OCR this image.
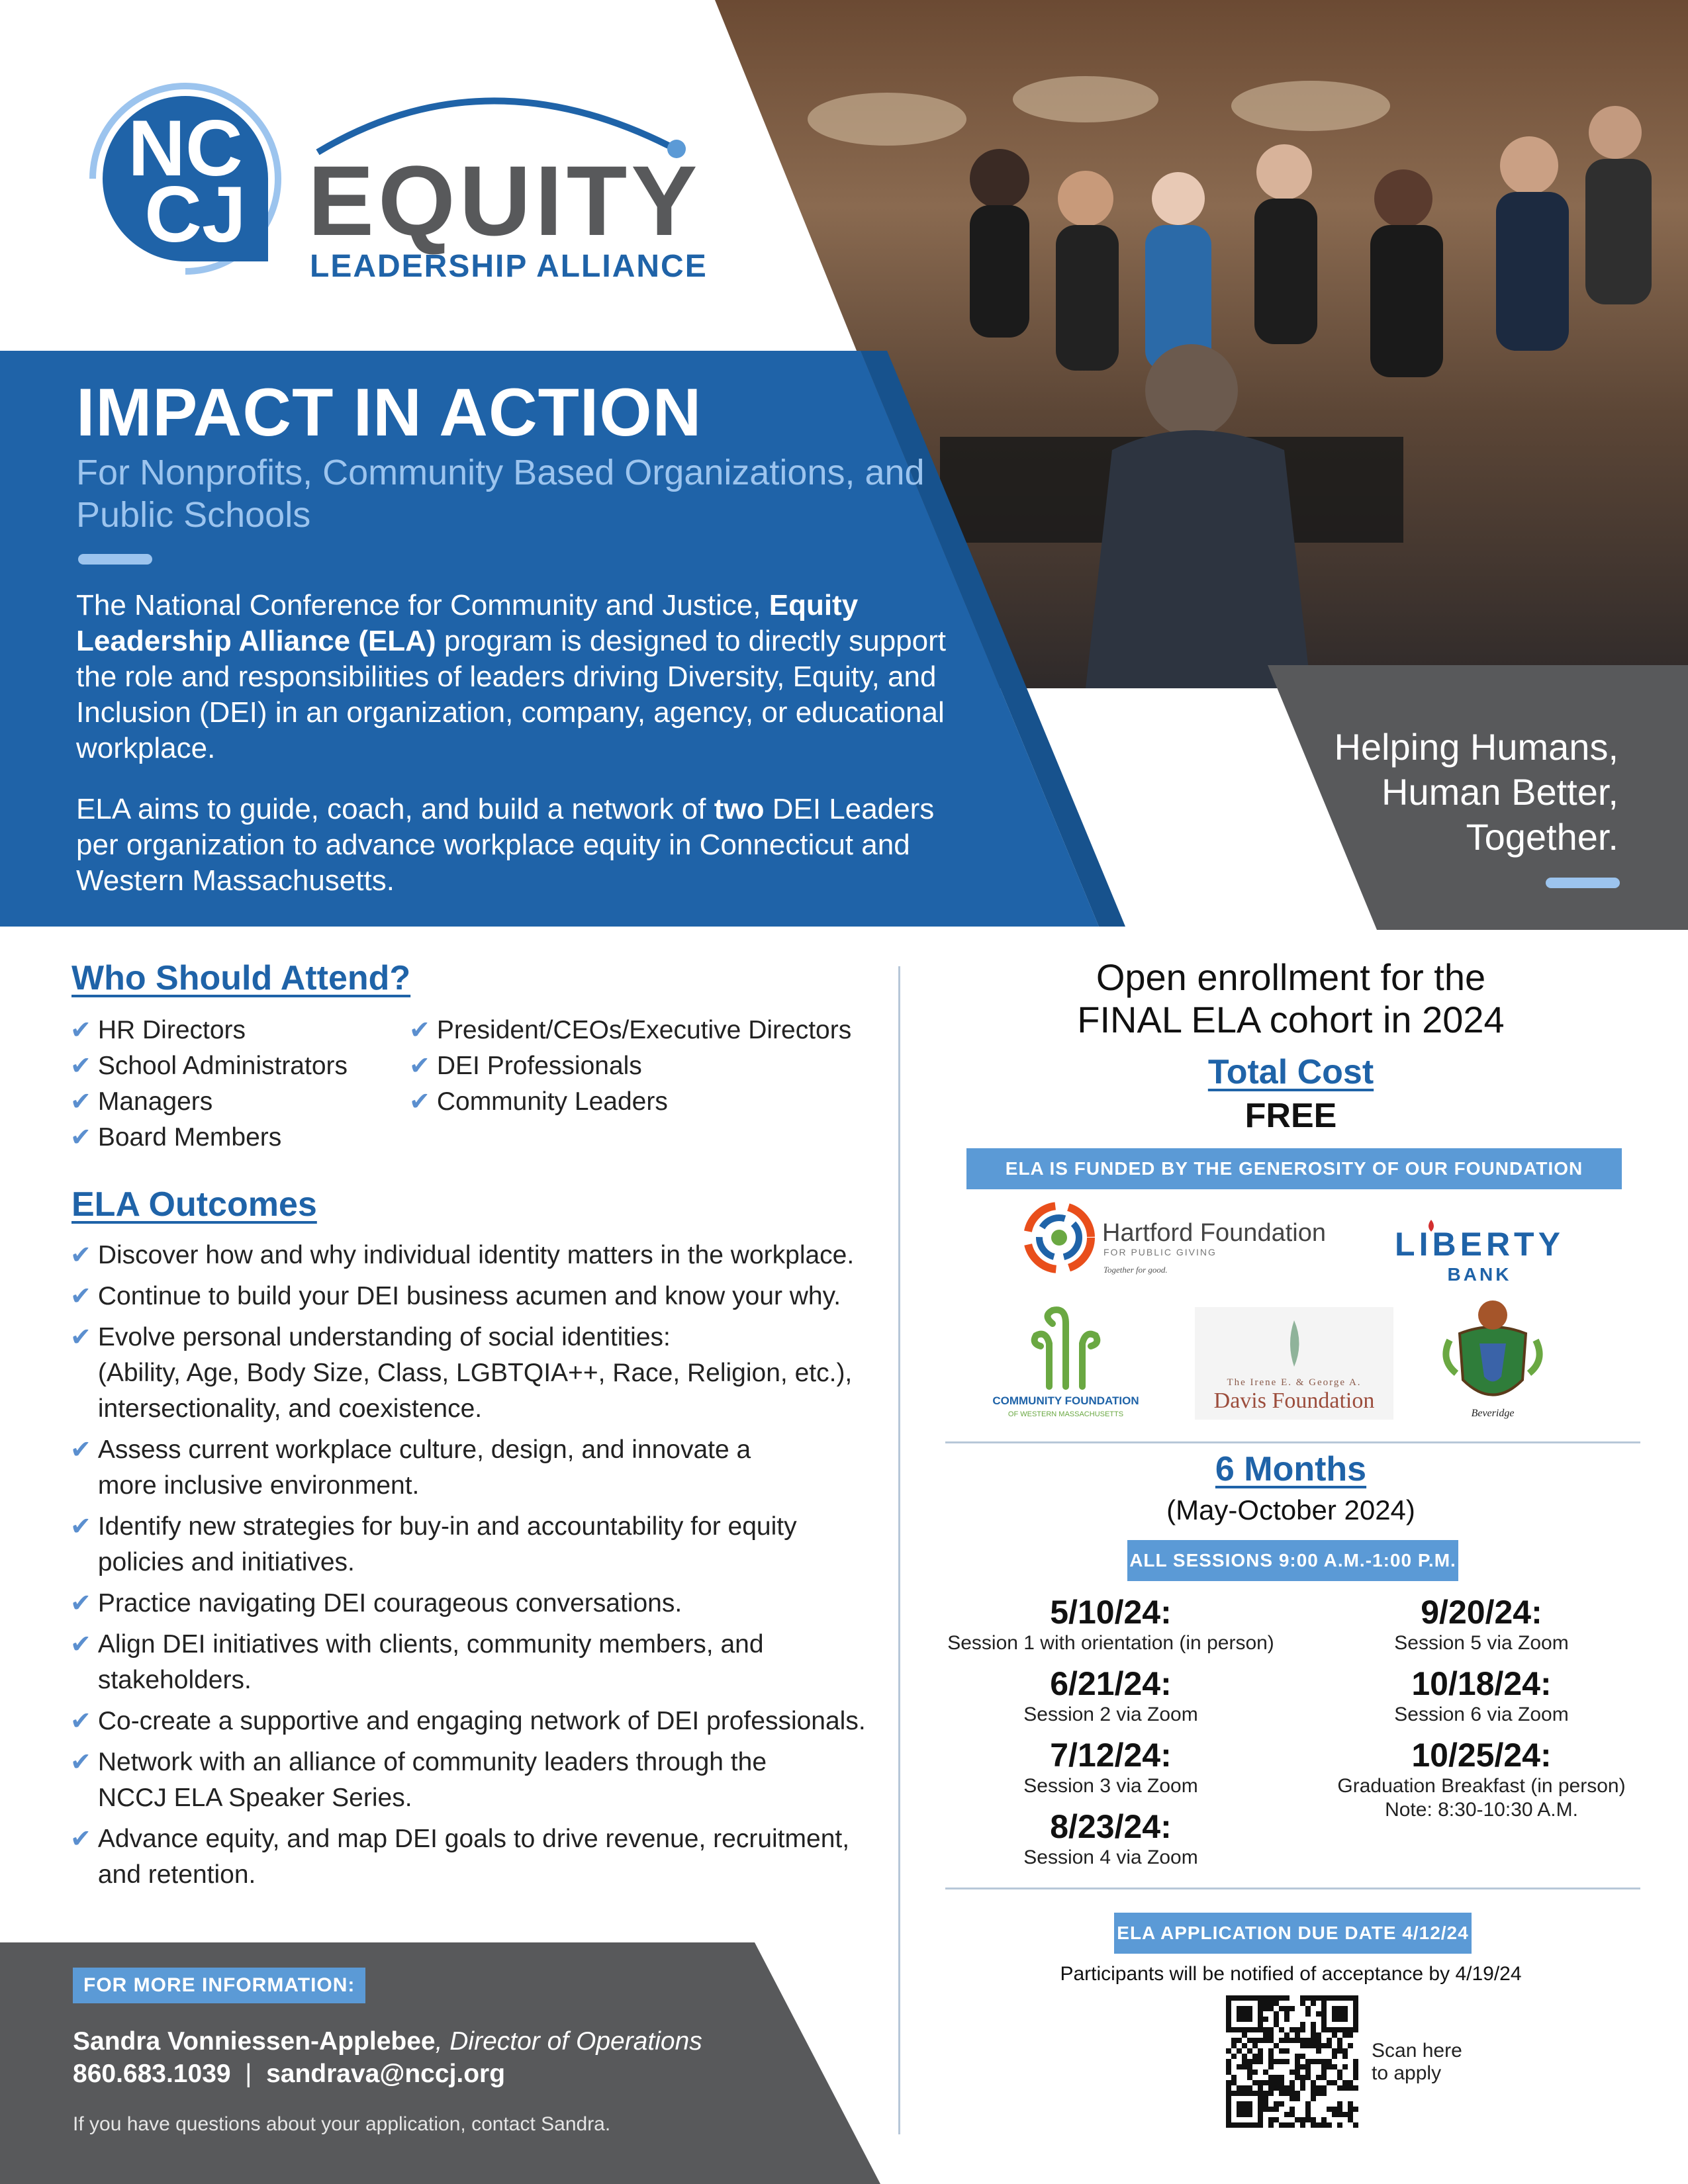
NC
CJ EQUITY
LEADERSHIP ALLIANCE
IMPACT IN ACTION
For Nonprofits, Community Based Organizations, and Public Schools
The National Conference for Community and Justice, Equity Leadership Alliance (ELA) program is designed to directly support the role and responsibilities of leaders driving Diversity, Equity, and Inclusion (DEI) in an organization, company, agency, or educational workplace.
ELA aims to guide, coach, and build a network of two DEI Leaders per organization to advance workplace equity in Connecticut and Western Massachusetts.
Helping Humans,
Human Better,
Together.
Who Should Attend?
✔ HR Directors
✔ School Administrators
✔ Managers
✔ Board Members
✔ President/CEOs/Executive Directors
✔ DEI Professionals
✔ Community Leaders
ELA Outcomes
✔ Discover how and why individual identity matters in the workplace.
✔ Continue to build your DEI business acumen and know your why.
✔ Evolve personal understanding of social identities:
(Ability, Age, Body Size, Class, LGBTQIA++, Race, Religion, etc.),
intersectionality, and coexistence.
✔ Assess current workplace culture, design, and innovate a
more inclusive environment.
✔ Identify new strategies for buy-in and accountability for equity
policies and initiatives.
✔ Practice navigating DEI courageous conversations.
✔ Align DEI initiatives with clients, community members, and
stakeholders.
✔ Co-create a supportive and engaging network of DEI professionals.
✔ Network with an alliance of community leaders through the
NCCJ ELA Speaker Series.
✔ Advance equity, and map DEI goals to drive revenue, recruitment,
and retention.
FOR MORE INFORMATION:
Sandra Vonniessen-Applebee, Director of Operations
860.683.1039 | sandrava@nccj.org
If you have questions about your application, contact Sandra.
Open enrollment for the
FINAL ELA cohort in 2024
Total Cost
FREE
ELA IS FUNDED BY THE GENEROSITY OF OUR FOUNDATION PARTNERS:
Hartford Foundation
FOR PUBLIC GIVING
Together for good.
LIBERTY
BANK
COMMUNITY FOUNDATION
OF WESTERN MASSACHUSETTS
The Irene E. & George A.
Davis Foundation
Beveridge
6 Months
(May-October 2024)
ALL SESSIONS 9:00 A.M.-1:00 P.M.
5/10/24:
Session 1 with orientation (in person)
6/21/24:
Session 2 via Zoom
7/12/24:
Session 3 via Zoom
8/23/24:
Session 4 via Zoom
9/20/24:
Session 5 via Zoom
10/18/24:
Session 6 via Zoom
10/25/24:
Graduation Breakfast (in person)
Note: 8:30-10:30 A.M.
ELA APPLICATION DUE DATE 4/12/24
Participants will be notified of acceptance by 4/19/24
Scan here
to apply
